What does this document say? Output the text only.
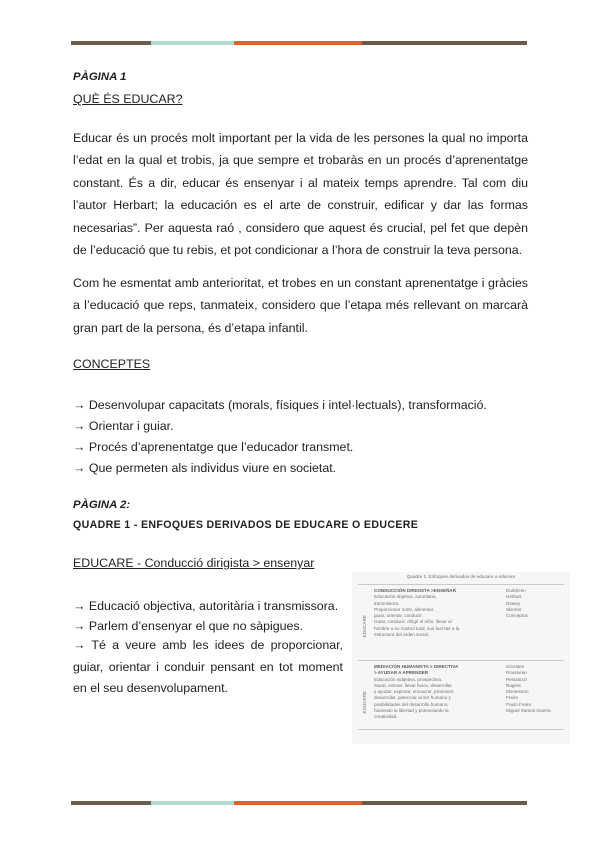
PÀGINA 1
QUÈ ÉS EDUCAR?

Educar és un procés molt important per la vida de les persones la qual no importa l’edat en la qual et trobis, ja que sempre et trobaràs en un procés d’aprenentatge constant. És a dir, educar és ensenyar i al mateix temps aprendre. Tal com diu l’autor Herbart; la educación es el arte de construir, edificar y dar las formas necesarias”. Per aquesta raó , considero que aquest és crucial, pel fet que depèn de l’educació que tu rebis, et pot condicionar a l’hora de construir la teva persona.

Com he esmentat amb anterioritat, et trobes en un constant aprenentatge i gràcies a l’educació que reps, tanmateix, considero que l’etapa més rellevant on marcarà gran part de la persona, és d’etapa infantil.

CONCEPTES
→ Desenvolupar capacitats (morals, físiques i intel·lectuals), transformació.
→ Orientar i guiar.
→ Procés d’aprenentatge que l’educador transmet.
→ Que permeten als individus viure en societat.
PÀGINA 2:
QUADRE 1 - ENFOQUES DERIVADOS DE EDUCARE O EDUCERE
EDUCARE - Conducció dirigista > ensenyar
→ Educació objectiva, autoritària i transmissora.
→ Parlem d’ensenyar el que no sàpigues.

→ Té a veure amb les idees de proporcionar, guiar, orientar i conduir pensant en tot moment en el seu desenvolupament.

Quadre 1: Enfoques derivados de educare o educere
EDUCARE
CONDUCCIÓN DIRIGISTA >ENSEÑAR
Educación objetiva, autoritaria,
transmisora.
Proporcionar nutrir, alimentar,
guiar, orientar, conducir.
Guiar, conducir, dirigir el niño, llevar al
hombre a su control total, sus fuerzas a la
estructura del orden social.
Durkheim
Herbart
Dewey
Skinner
Conceptos
EDUCERE
MEDIACIÓN HUMANISTA > DIRECTIVA
> AYUDAR A APRENDER
Educación subjetiva, prospectiva.
Sacar, extraer, llevar fuera, desarrollar
y ayudar, explorar, encauzar, promover,
desarrollar, potenciar al ser humano y
posibilidades del desarrollo humano,
haciendo la libertad y potenciando la
creatividad.
Sócrates
Rousseau
Pestalozzi
Rogers
Montessori
Freire
Paulo Freire
Miguel Santos Guerra
